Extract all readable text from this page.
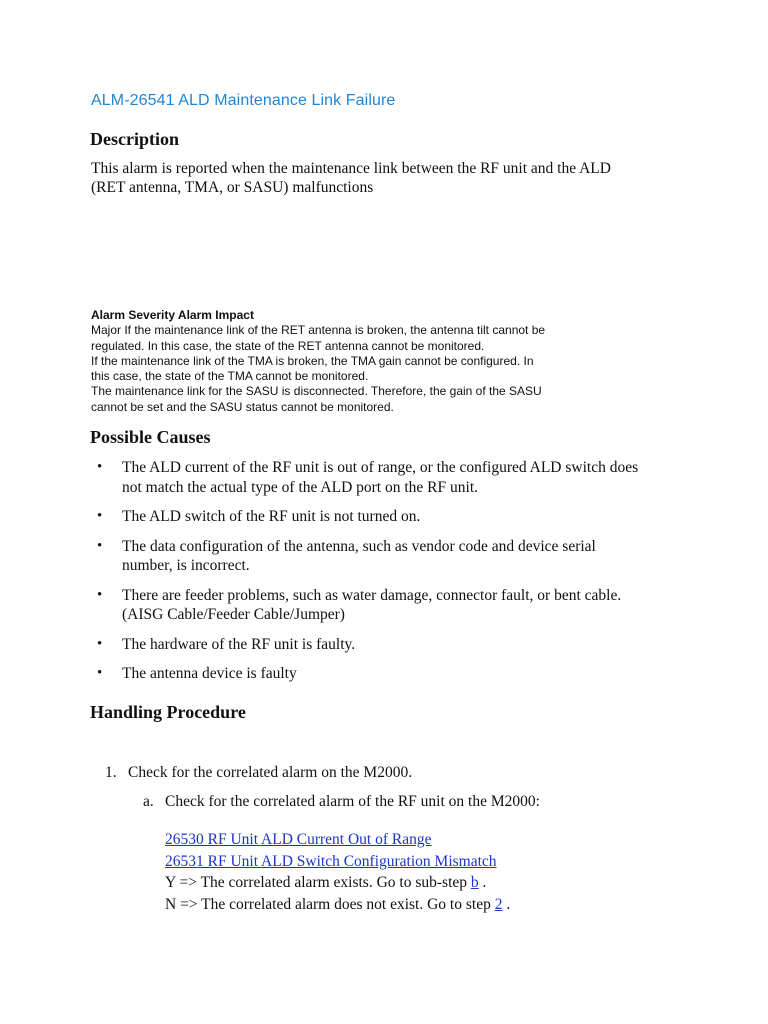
ALM-26541 ALD Maintenance Link Failure
Description

This alarm is reported when the maintenance link between the RF unit and the ALD
(RET antenna, TMA, or SASU) malfunctions

Alarm Severity Alarm Impact
Major If the maintenance link of the RET antenna is broken, the antenna tilt cannot be
regulated. In this case, the state of the RET antenna cannot be monitored.
If the maintenance link of the TMA is broken, the TMA gain cannot be configured. In
this case, the state of the TMA cannot be monitored.
The maintenance link for the SASU is disconnected. Therefore, the gain of the SASU
cannot be set and the SASU status cannot be monitored.
Possible Causes
• The ALD current of the RF unit is out of range, or the configured ALD switch does
not match the actual type of the ALD port on the RF unit.
• The ALD switch of the RF unit is not turned on.
• The data configuration of the antenna, such as vendor code and device serial
number, is incorrect.
• There are feeder problems, such as water damage, connector fault, or bent cable.
(AISG Cable/Feeder Cable/Jumper)
• The hardware of the RF unit is faulty.
• The antenna device is faulty
Handling Procedure
1. Check for the correlated alarm on the M2000.
a. Check for the correlated alarm of the RF unit on the M2000:
26530 RF Unit ALD Current Out of Range
26531 RF Unit ALD Switch Configuration Mismatch
Y => The correlated alarm exists. Go to sub-step b .
N => The correlated alarm does not exist. Go to step 2 .
